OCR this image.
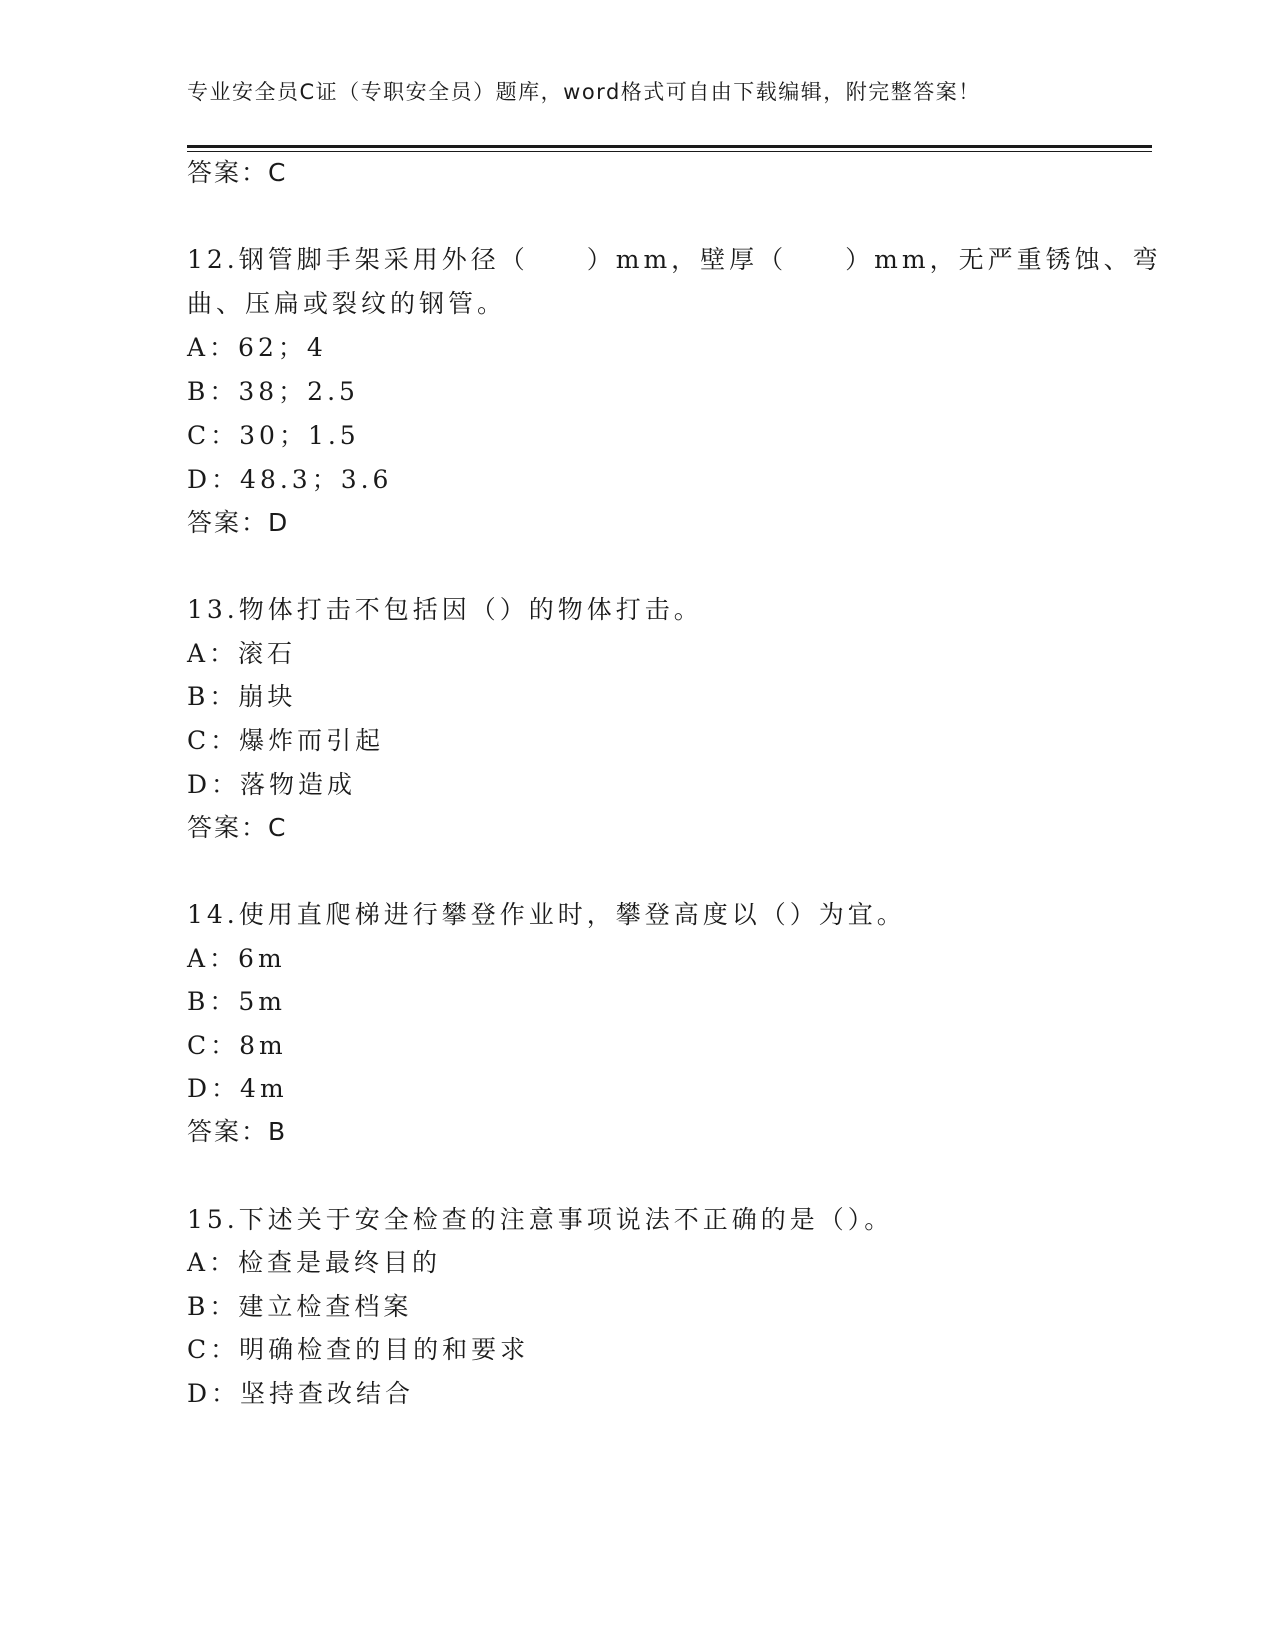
专业安全员C证（专职安全员）题库，word格式可自由下载编辑，附完整答案！
答案：C
12.钢管脚手架采用外径（　　）mm，壁厚（　　）mm，无严重锈蚀、弯
曲、压扁或裂纹的钢管。
A：62；4
B：38；2.5
C：30；1.5
D：48.3；3.6
答案：D
13.物体打击不包括因（）的物体打击。
A：滚石
B：崩块
C：爆炸而引起
D：落物造成
答案：C
14.使用直爬梯进行攀登作业时，攀登高度以（）为宜。
A：6m
B：5m
C：8m
D：4m
答案：B
15.下述关于安全检查的注意事项说法不正确的是（）。
A：检查是最终目的
B：建立检查档案
C：明确检查的目的和要求
D：坚持查改结合
